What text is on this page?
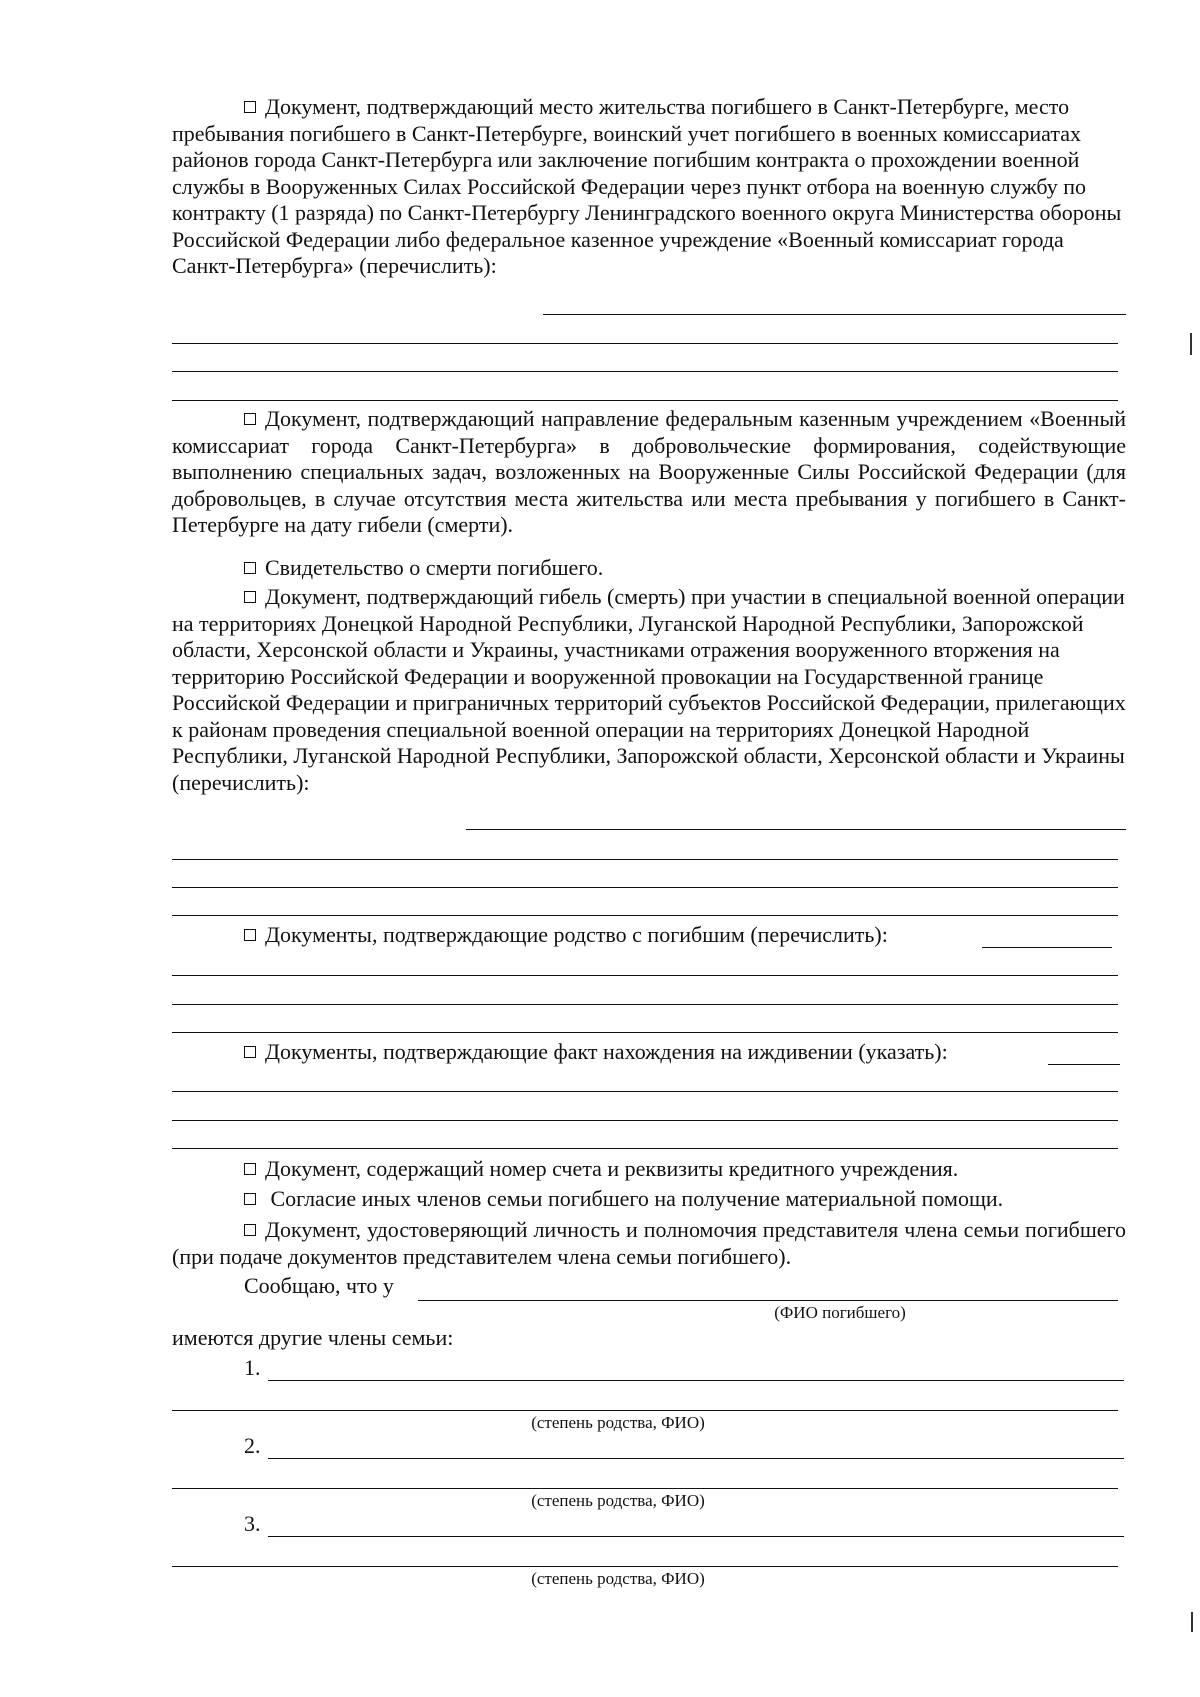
Документ, подтверждающий место жительства погибшего в Санкт-Петербурге, место пребывания погибшего в Санкт-Петербурге, воинский учет погибшего в военных комиссариатах районов города Санкт-Петербурга или заключение погибшим контракта о прохождении военной службы в Вооруженных Силах Российской Федерации через пункт отбора на военную службу по контракту (1 разряда) по Санкт-Петербургу Ленинградского военного округа Министерства обороны Российской Федерации либо федеральное казенное учреждение «Военный комиссариат города Санкт-Петербурга» (перечислить):

Документ, подтверждающий направление федеральным казенным учреждением «Военный комиссариат города Санкт-Петербурга» в добровольческие формирования, содействующие выполнению специальных задач, возложенных на Вооруженные Силы Российской Федерации (для добровольцев, в случае отсутствия места жительства или места пребывания у погибшего в Санкт-Петербурге на дату гибели (смерти).

Свидетельство о смерти погибшего.

Документ, подтверждающий гибель (смерть) при участии в специальной военной операции на территориях Донецкой Народной Республики, Луганской Народной Республики, Запорожской области, Херсонской области и Украины, участниками отражения вооруженного вторжения на территорию Российской Федерации и вооруженной провокации на Государственной границе Российской Федерации и приграничных территорий субъектов Российской Федерации, прилегающих к районам проведения специальной военной операции на территориях Донецкой Народной Республики, Луганской Народной Республики, Запорожской области, Херсонской области и Украины (перечислить):

Документы, подтверждающие родство с погибшим (перечислить):

Документы, подтверждающие факт нахождения на иждивении (указать):

Документ, содержащий номер счета и реквизиты кредитного учреждения.

Согласие иных членов семьи погибшего на получение материальной помощи.

Документ, удостоверяющий личность и полномочия представителя члена семьи погибшего (при подаче документов представителем члена семьи погибшего).

Сообщаю, что у
(ФИО погибшего)
имеются другие члены семьи:
1.
(степень родства, ФИО)
2.
(степень родства, ФИО)
3.
(степень родства, ФИО)
